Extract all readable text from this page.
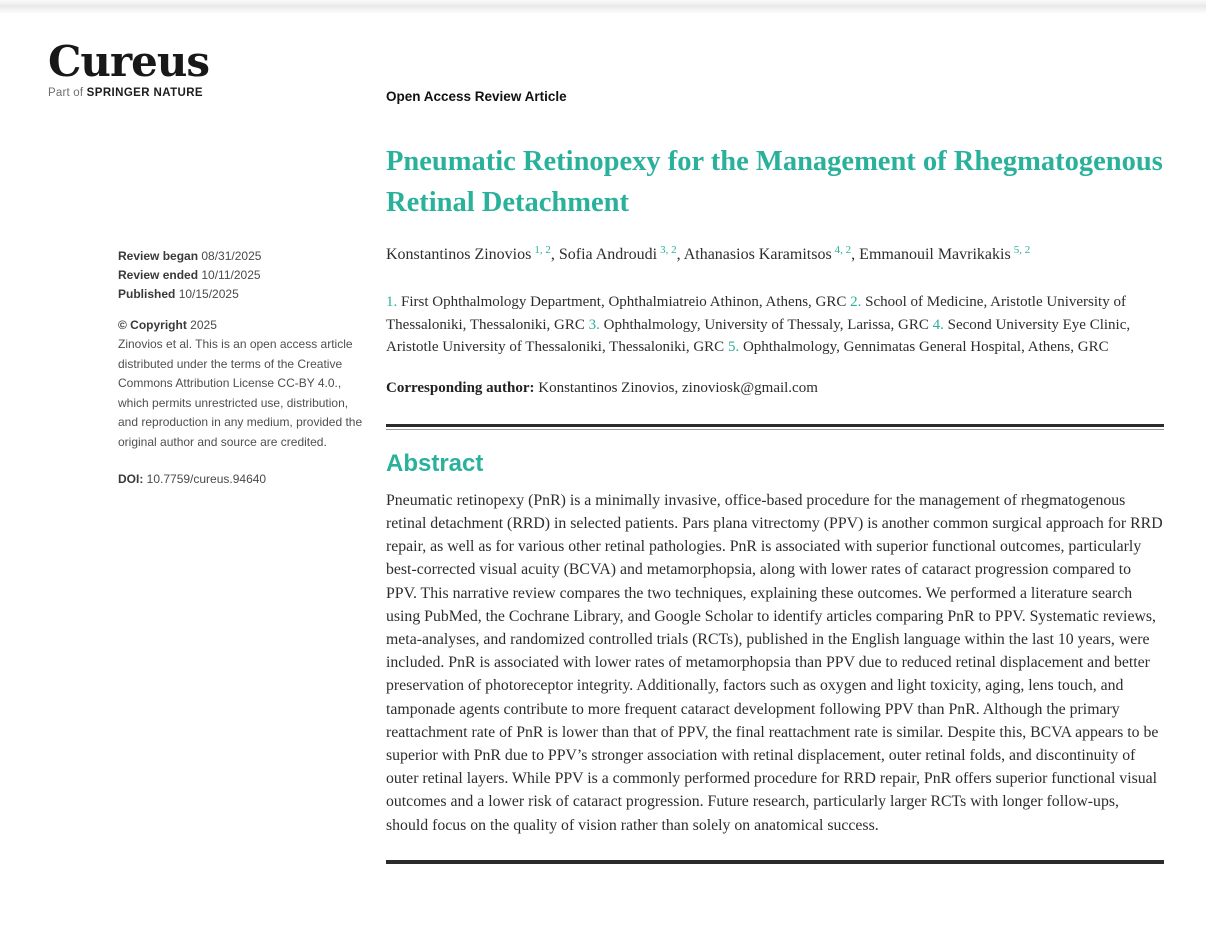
Cureus
Part of SPRINGER NATURE	Open Access Review Article
Review began 08/31/2025
Review ended 10/11/2025
Published 10/15/2025
© Copyright 2025
Zinovios et al. This is an open access article distributed under the terms of the Creative Commons Attribution License CC-BY 4.0., which permits unrestricted use, distribution, and reproduction in any medium, provided the original author and source are credited.
DOI: 10.7759/cureus.94640
Pneumatic Retinopexy for the Management of Rhegmatogenous Retinal Detachment

Konstantinos Zinovios $^{1, 2}$, Sofia Androudi $^{3, 2}$, Athanasios Karamitsos $^{4, 2}$, Emmanouil Mavrikakis $^{5, 2}$

1. First Ophthalmology Department, Ophthalmiatreio Athinon, Athens, GRC 2. School of Medicine, Aristotle University of Thessaloniki, Thessaloniki, GRC 3. Ophthalmology, University of Thessaly, Larissa, GRC 4. Second University Eye Clinic, Aristotle University of Thessaloniki, Thessaloniki, GRC 5. Ophthalmology, Gennimatas General Hospital, Athens, GRC

Corresponding author: Konstantinos Zinovios, zinoviosk@gmail.com

Abstract

Pneumatic retinopexy (PnR) is a minimally invasive, office-based procedure for the management of rhegmatogenous retinal detachment (RRD) in selected patients. Pars plana vitrectomy (PPV) is another common surgical approach for RRD repair, as well as for various other retinal pathologies. PnR is associated with superior functional outcomes, particularly best-corrected visual acuity (BCVA) and metamorphopsia, along with lower rates of cataract progression compared to PPV. This narrative review compares the two techniques, explaining these outcomes. We performed a literature search using PubMed, the Cochrane Library, and Google Scholar to identify articles comparing PnR to PPV. Systematic reviews, meta-analyses, and randomized controlled trials (RCTs), published in the English language within the last 10 years, were included. PnR is associated with lower rates of metamorphopsia than PPV due to reduced retinal displacement and better preservation of photoreceptor integrity. Additionally, factors such as oxygen and light toxicity, aging, lens touch, and tamponade agents contribute to more frequent cataract development following PPV than PnR. Although the primary reattachment rate of PnR is lower than that of PPV, the final reattachment rate is similar. Despite this, BCVA appears to be superior with PnR due to PPV’s stronger association with retinal displacement, outer retinal folds, and discontinuity of outer retinal layers. While PPV is a commonly performed procedure for RRD repair, PnR offers superior functional visual outcomes and a lower risk of cataract progression. Future research, particularly larger RCTs with longer follow-ups, should focus on the quality of vision rather than solely on anatomical success.
